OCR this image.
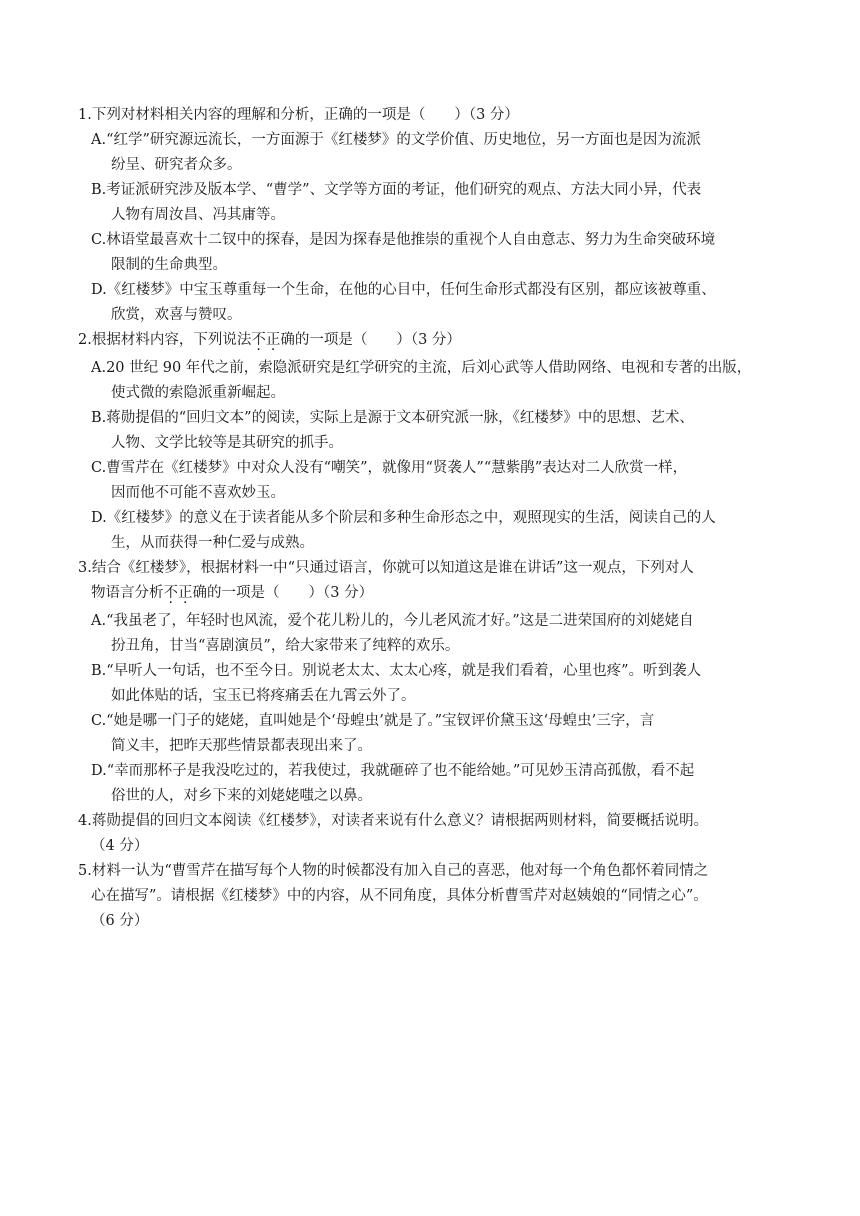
1.下列对材料相关内容的理解和分析，正确的一项是（　　）（3 分）
A.“红学”研究源远流长，一方面源于《红楼梦》的文学价值、历史地位，另一方面也是因为流派
纷呈、研究者众多。
B.考证派研究涉及版本学、“曹学”、文学等方面的考证，他们研究的观点、方法大同小异，代表
人物有周汝昌、冯其庸等。
C.林语堂最喜欢十二钗中的探春，是因为探春是他推崇的重视个人自由意志、努力为生命突破环境
限制的生命典型。
D.《红楼梦》中宝玉尊重每一个生命，在他的心目中，任何生命形式都没有区别，都应该被尊重、
欣赏，欢喜与赞叹。
2.根据材料内容，下列说法不正确的一项是（　　）（3 分）
A.20 世纪 90 年代之前，索隐派研究是红学研究的主流，后刘心武等人借助网络、电视和专著的出版，
使式微的索隐派重新崛起。
B.蒋勋提倡的“回归文本”的阅读，实际上是源于文本研究派一脉，《红楼梦》中的思想、艺术、
人物、文学比较等是其研究的抓手。
C.曹雪芹在《红楼梦》中对众人没有“嘲笑”，就像用“贤袭人”“慧紫鹃”表达对二人欣赏一样，
因而他不可能不喜欢妙玉。
D.《红楼梦》的意义在于读者能从多个阶层和多种生命形态之中，观照现实的生活，阅读自己的人
生，从而获得一种仁爱与成熟。
3.结合《红楼梦》，根据材料一中“只通过语言，你就可以知道这是谁在讲话”这一观点，下列对人
物语言分析不正确的一项是（　　）（3 分）
A.“我虽老了，年轻时也风流，爱个花儿粉儿的，今儿老风流才好。”这是二进荣国府的刘姥姥自
扮丑角，甘当“喜剧演员”，给大家带来了纯粹的欢乐。
B.“早听人一句话，也不至今日。别说老太太、太太心疼，就是我们看着，心里也疼”。听到袭人
如此体贴的话，宝玉已将疼痛丢在九霄云外了。
C.“她是哪一门子的姥姥，直叫她是个‘母蝗虫’就是了。”宝钗评价黛玉这‘母蝗虫’三字，言
简义丰，把昨天那些情景都表现出来了。
D.“幸而那杯子是我没吃过的，若我使过，我就砸碎了也不能给她。”可见妙玉清高孤傲，看不起
俗世的人，对乡下来的刘姥姥嗤之以鼻。
4.蒋勋提倡的回归文本阅读《红楼梦》，对读者来说有什么意义？请根据两则材料，简要概括说明。
（4 分）
5.材料一认为“曹雪芹在描写每个人物的时候都没有加入自己的喜恶，他对每一个角色都怀着同情之
心在描写”。请根据《红楼梦》中的内容，从不同角度，具体分析曹雪芹对赵姨娘的“同情之心”。
（6 分）
